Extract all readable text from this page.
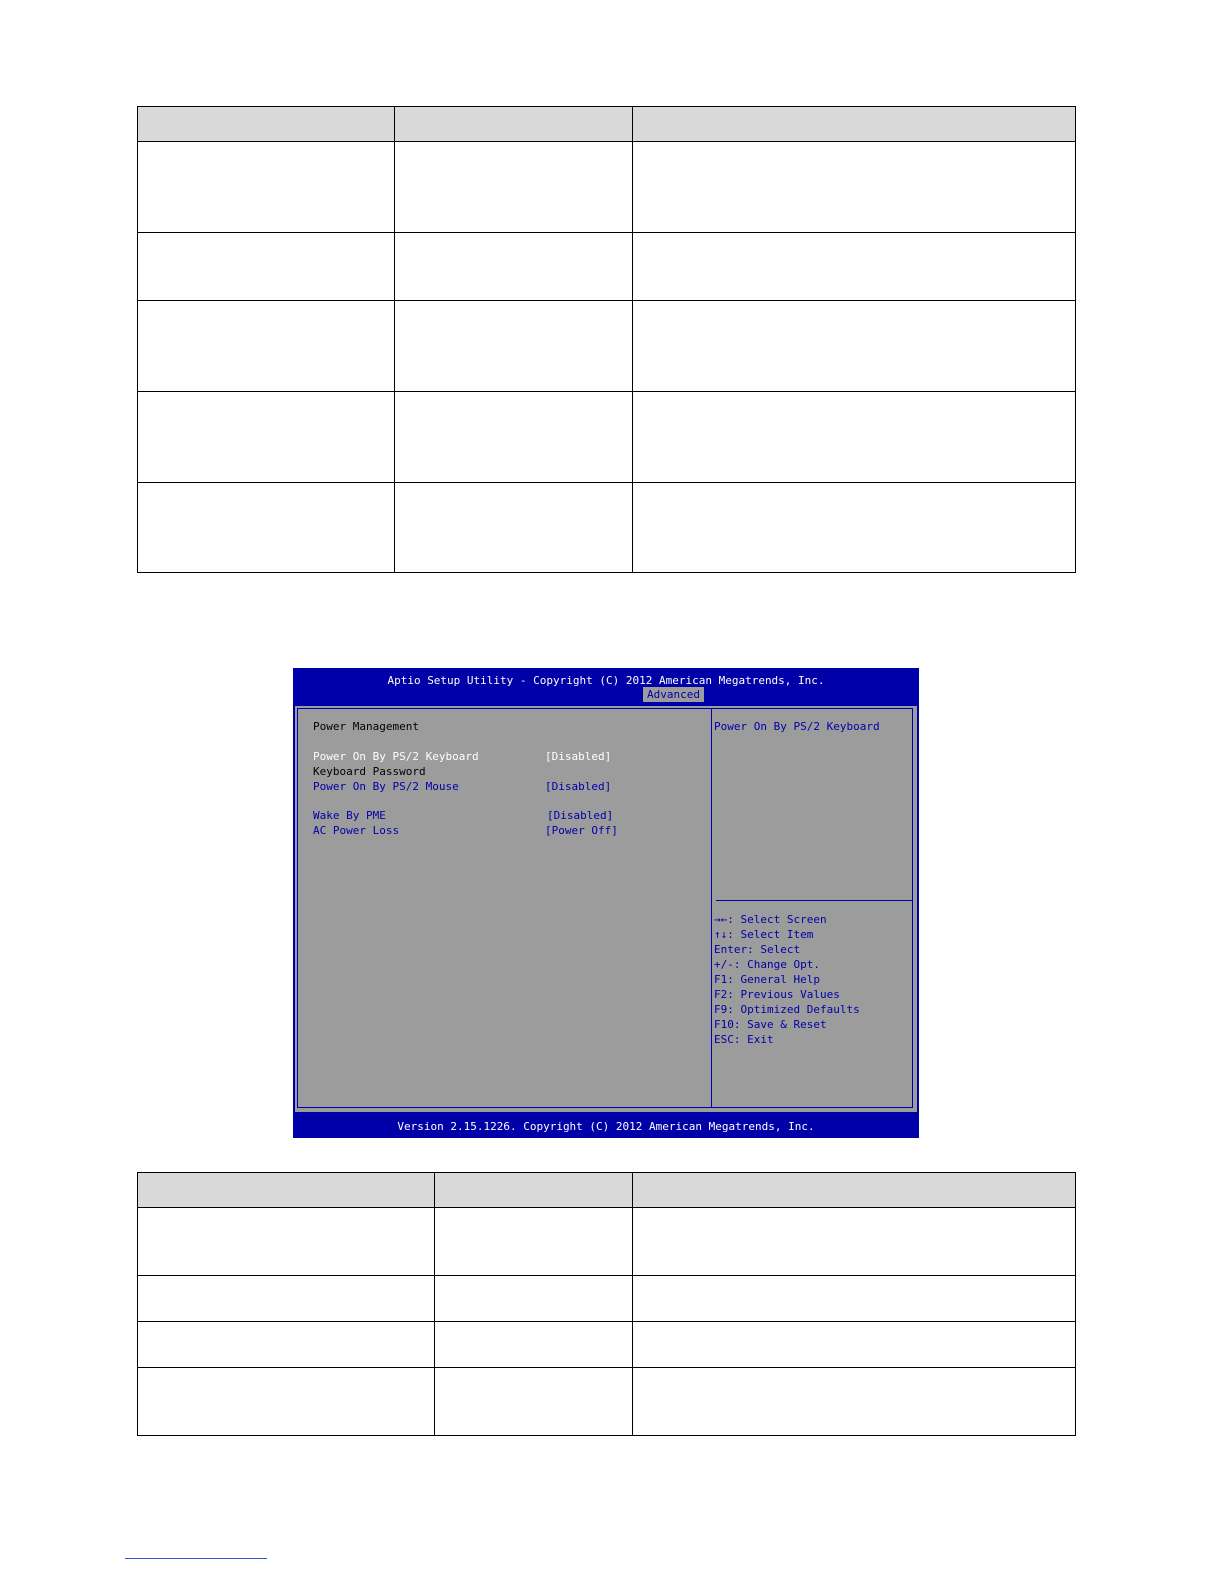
Aptio Setup Utility - Copyright (C) 2012 American Megatrends, Inc.
Advanced
Power Management
Power On By PS/2 Keyboard	[Disabled]
Keyboard Password
Power On By PS/2 Mouse	[Disabled]
Wake By PME	[Disabled]
AC Power Loss	[Power Off]
Power On By PS/2 Keyboard
→←: Select Screen
↑↓: Select Item
Enter: Select
+/-: Change Opt.
F1: General Help
F2: Previous Values
F9: Optimized Defaults
F10: Save & Reset
ESC: Exit
Version 2.15.1226. Copyright (C) 2012 American Megatrends, Inc.
